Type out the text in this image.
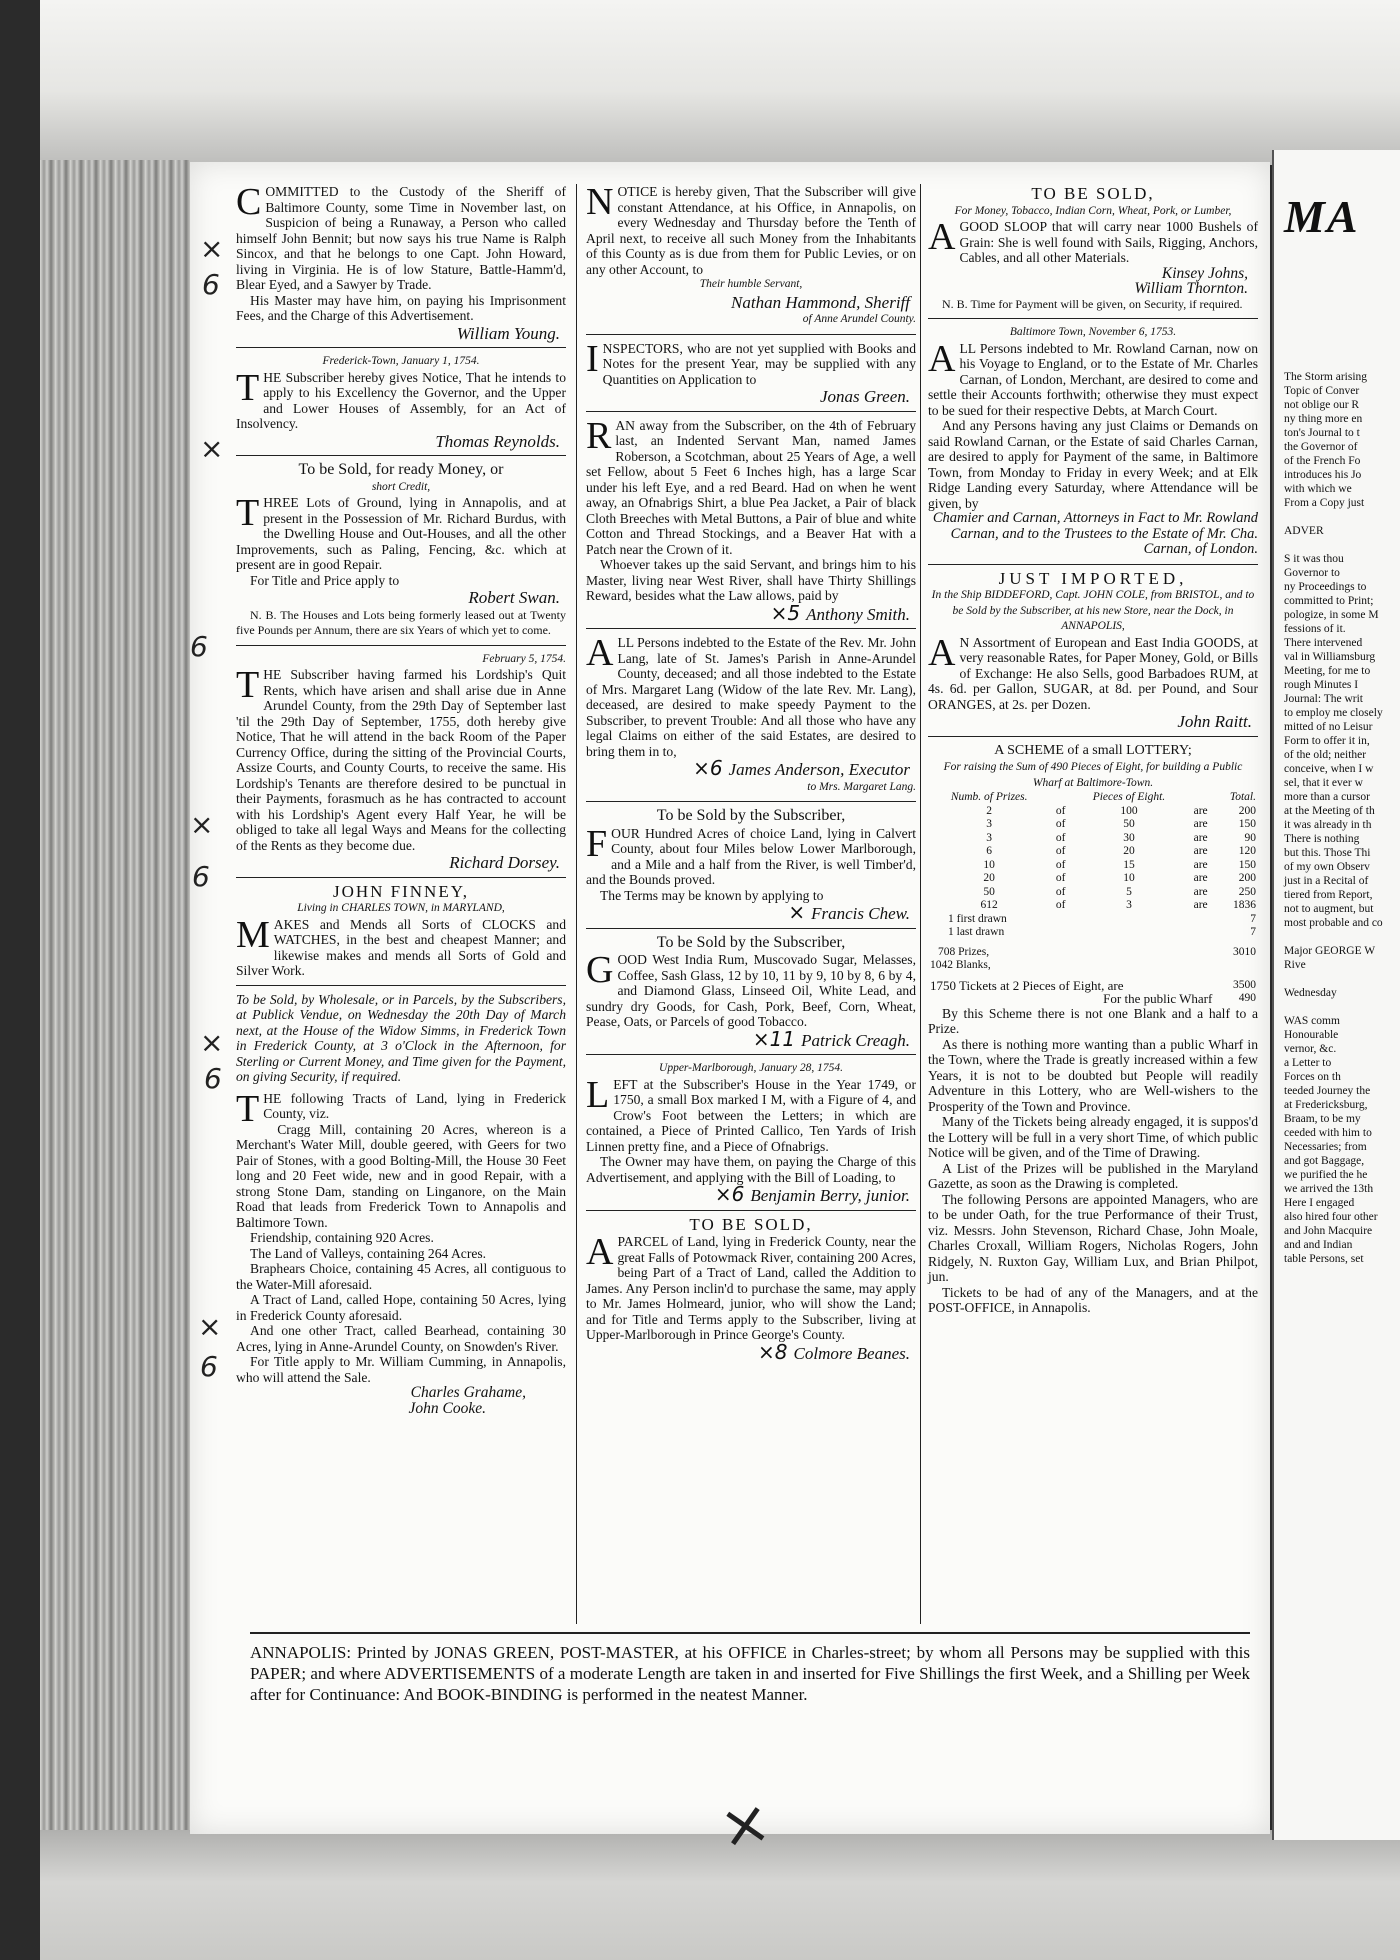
COMMITTED to the Custody of the Sheriff of Baltimore County, some Time in November last, on Suspicion of being a Runaway, a Person who called himself John Bennit; but now says his true Name is Ralph Sincox, and that he belongs to one Capt. John Howard, living in Virginia. He is of low Stature, Battle-Hamm'd, Blear Eyed, and a Sawyer by Trade.

His Master may have him, on paying his Imprisonment Fees, and the Charge of this Advertisement.

William Young.
Frederick-Town, January 1, 1754.

THE Subscriber hereby gives Notice, That he intends to apply to his Excellency the Governor, and the Upper and Lower Houses of Assembly, for an Act of Insolvency.

Thomas Reynolds.
To be Sold, for ready Money, or
short Credit,

THREE Lots of Ground, lying in Annapolis, and at present in the Possession of Mr. Richard Burdus, with the Dwelling House and Out-Houses, and all the other Improvements, such as Paling, Fencing, &c. which at present are in good Repair.

For Title and Price apply to

Robert Swan.

N. B. The Houses and Lots being formerly leased out at Twenty five Pounds per Annum, there are six Years of which yet to come.

February 5, 1754.

THE Subscriber having farmed his Lordship's Quit Rents, which have arisen and shall arise due in Anne Arundel County, from the 29th Day of September last 'til the 29th Day of September, 1755, doth hereby give Notice, That he will attend in the back Room of the Paper Currency Office, during the sitting of the Provincial Courts, Assize Courts, and County Courts, to receive the same. His Lordship's Tenants are therefore desired to be punctual in their Payments, forasmuch as he has contracted to account with his Lordship's Agent every Half Year, he will be obliged to take all legal Ways and Means for the collecting of the Rents as they become due.

Richard Dorsey.
JOHN FINNEY,
Living in CHARLES TOWN, in MARYLAND,

MAKES and Mends all Sorts of CLOCKS and WATCHES, in the best and cheapest Manner; and likewise makes and mends all Sorts of Gold and Silver Work.

To be Sold, by Wholesale, or in Parcels, by the Subscribers, at Publick Vendue, on Wednesday the 20th Day of March next, at the House of the Widow Simms, in Frederick Town in Frederick County, at 3 o'Clock in the Afternoon, for Sterling or Current Money, and Time given for the Payment, on giving Security, if required.

THE following Tracts of Land, lying in Frederick County, viz.

Cragg Mill, containing 20 Acres, whereon is a Merchant's Water Mill, double geered, with Geers for two Pair of Stones, with a good Bolting-Mill, the House 30 Feet long and 20 Feet wide, new and in good Repair, with a strong Stone Dam, standing on Linganore, on the Main Road that leads from Frederick Town to Annapolis and Baltimore Town.

Friendship, containing 920 Acres.

The Land of Valleys, containing 264 Acres.

Braphears Choice, containing 45 Acres, all contiguous to the Water-Mill aforesaid.

A Tract of Land, called Hope, containing 50 Acres, lying in Frederick County aforesaid.

And one other Tract, called Bearhead, containing 30 Acres, lying in Anne-Arundel County, on Snowden's River.

For Title apply to Mr. William Cumming, in Annapolis, who will attend the Sale.

Charles Grahame,
John Cooke.

NOTICE is hereby given, That the Subscriber will give constant Attendance, at his Office, in Annapolis, on every Wednesday and Thursday before the Tenth of April next, to receive all such Money from the Inhabitants of this County as is due from them for Public Levies, or on any other Account, to

Their humble Servant,
Nathan Hammond, Sheriff
of Anne Arundel County.

INSPECTORS, who are not yet supplied with Books and Notes for the present Year, may be supplied with any Quantities on Application to

Jonas Green.

RAN away from the Subscriber, on the 4th of February last, an Indented Servant Man, named James Roberson, a Scotchman, about 25 Years of Age, a well set Fellow, about 5 Feet 6 Inches high, has a large Scar under his left Eye, and a red Beard. Had on when he went away, an Ofnabrigs Shirt, a blue Pea Jacket, a Pair of black Cloth Breeches with Metal Buttons, a Pair of blue and white Cotton and Thread Stockings, and a Beaver Hat with a Patch near the Crown of it.

Whoever takes up the said Servant, and brings him to his Master, living near West River, shall have Thirty Shillings Reward, besides what the Law allows, paid by

×5 Anthony Smith.

ALL Persons indebted to the Estate of the Rev. Mr. John Lang, late of St. James's Parish in Anne-Arundel County, deceased; and all those indebted to the Estate of Mrs. Margaret Lang (Widow of the late Rev. Mr. Lang), deceased, are desired to make speedy Payment to the Subscriber, to prevent Trouble: And all those who have any legal Claims on either of the said Estates, are desired to bring them in to,

×6 James Anderson, Executor
to Mrs. Margaret Lang.
To be Sold by the Subscriber,

FOUR Hundred Acres of choice Land, lying in Calvert County, about four Miles below Lower Marlborough, and a Mile and a half from the River, is well Timber'd, and the Bounds proved.

The Terms may be known by applying to

× Francis Chew.
To be Sold by the Subscriber,

GOOD West India Rum, Muscovado Sugar, Melasses, Coffee, Sash Glass, 12 by 10, 11 by 9, 10 by 8, 6 by 4, and Diamond Glass, Linseed Oil, White Lead, and sundry dry Goods, for Cash, Pork, Beef, Corn, Wheat, Pease, Oats, or Parcels of good Tobacco.

×11 Patrick Creagh.
Upper-Marlborough, January 28, 1754.

LEFT at the Subscriber's House in the Year 1749, or 1750, a small Box marked I M, with a Figure of 4, and Crow's Foot between the Letters; in which are contained, a Piece of Printed Callico, Ten Yards of Irish Linnen pretty fine, and a Piece of Ofnabrigs.

The Owner may have them, on paying the Charge of this Advertisement, and applying with the Bill of Loading, to

×6 Benjamin Berry, junior.
TO BE SOLD,

APARCEL of Land, lying in Frederick County, near the great Falls of Potowmack River, containing 200 Acres, being Part of a Tract of Land, called the Addition to James. Any Person inclin'd to purchase the same, may apply to Mr. James Holmeard, junior, who will show the Land; and for Title and Terms apply to the Subscriber, living at Upper-Marlborough in Prince George's County.

×8 Colmore Beanes.
TO BE SOLD,
For Money, Tobacco, Indian Corn, Wheat, Pork, or Lumber,

AGOOD SLOOP that will carry near 1000 Bushels of Grain: She is well found with Sails, Rigging, Anchors, Cables, and all other Materials.

Kinsey Johns,
William Thornton.

N. B. Time for Payment will be given, on Security, if required.

Baltimore Town, November 6, 1753.

ALL Persons indebted to Mr. Rowland Carnan, now on his Voyage to England, or to the Estate of Mr. Charles Carnan, of London, Merchant, are desired to come and settle their Accounts forthwith; otherwise they must expect to be sued for their respective Debts, at March Court.

And any Persons having any just Claims or Demands on said Rowland Carnan, or the Estate of said Charles Carnan, are desired to apply for Payment of the same, in Baltimore Town, from Monday to Friday in every Week; and at Elk Ridge Landing every Saturday, where Attendance will be given, by

Chamier and Carnan, Attorneys in Fact to Mr. Rowland Carnan, and to the Trustees to the Estate of Mr. Cha. Carnan, of London.

JUST IMPORTED,
In the Ship BIDDEFORD, Capt. JOHN COLE, from BRISTOL, and to be Sold by the Subscriber, at his new Store, near the Dock, in ANNAPOLIS,

A N Assortment of European and East India GOODS, at very reasonable Rates, for Paper Money, Gold, or Bills of Exchange: He also Sells, good Barbadoes RUM, at 4s. 6d. per Gallon, SUGAR, at 8d. per Pound, and Sour ORANGES, at 2s. per Dozen.

John Raitt.
A SCHEME of a small LOTTERY;
For raising the Sum of 490 Pieces of Eight, for building a Public Wharf at Baltimore-Town.
Numb. of Prizes.		Pieces of Eight.		Total.
2	of	100	are	200
3	of	50	are	150
3	of	30	are	90
6	of	20	are	120
10	of	15	are	150
20	of	10	are	200
50	of	5	are	250
612	of	3	are	1836
1 first drawn				7
1 last drawn				7
708 Prizes,				3010
1042 Blanks,				
1750 Tickets at 2 Pieces of Eight, are				3500
For the public Wharf				490

By this Scheme there is not one Blank and a half to a Prize.

As there is nothing more wanting than a public Wharf in the Town, where the Trade is greatly increased within a few Years, it is not to be doubted but People will readily Adventure in this Lottery, who are Well-wishers to the Prosperity of the Town and Province.

Many of the Tickets being already engaged, it is suppos'd the Lottery will be full in a very short Time, of which public Notice will be given, and of the Time of Drawing.

A List of the Prizes will be published in the Maryland Gazette, as soon as the Drawing is completed.

The following Persons are appointed Managers, who are to be under Oath, for the true Performance of their Trust, viz. Messrs. John Stevenson, Richard Chase, John Moale, Charles Croxall, William Rogers, Nicholas Rogers, John Ridgely, N. Ruxton Gay, William Lux, and Brian Philpot, jun.

Tickets to be had of any of the Managers, and at the POST-OFFICE, in Annapolis.

ANNAPOLIS: Printed by JONAS GREEN, POST-MASTER, at his OFFICE in Charles-street; by whom all Persons may be supplied with this PAPER; and where ADVERTISEMENTS of a moderate Length are taken in and inserted for Five Shillings the first Week, and a Shilling per Week after for Continuance: And BOOK-BINDING is performed in the neatest Manner.

×
6
×
6
×
6
×
6
×
6
×
MA
The Storm arising
Topic of Conver
not oblige our R
ny thing more en
ton's Journal to t
the Governor of
of the French Fo
introduces his Jo
with which we
From a Copy just

ADVER

S it was thou
Governor to
ny Proceedings to
committed to Print;
pologize, in some M
fessions of it.
There intervened
val in Williamsburg
Meeting, for me to
rough Minutes I
Journal: The writ
to employ me closely
mitted of no Leisur
Form to offer it in,
of the old; neither
conceive, when I w
sel, that it ever w
more than a cursor
at the Meeting of th
it was already in th
There is nothing
but this. Those Thi
of my own Observ
just in a Recital of
tiered from Report,
not to augment, but
most probable and co

Major GEORGE W
Rive

Wednesday

WAS comm
Honourable
vernor, &c.
a Letter to
Forces on th
teeded Journey the
at Fredericksburg,
Braam, to be my
ceeded with him to
Necessaries; from
and got Baggage,
we purified the he
we arrived the 13th
Here I engaged
also hired four other
and John Macquire
and and Indian
table Persons, set
